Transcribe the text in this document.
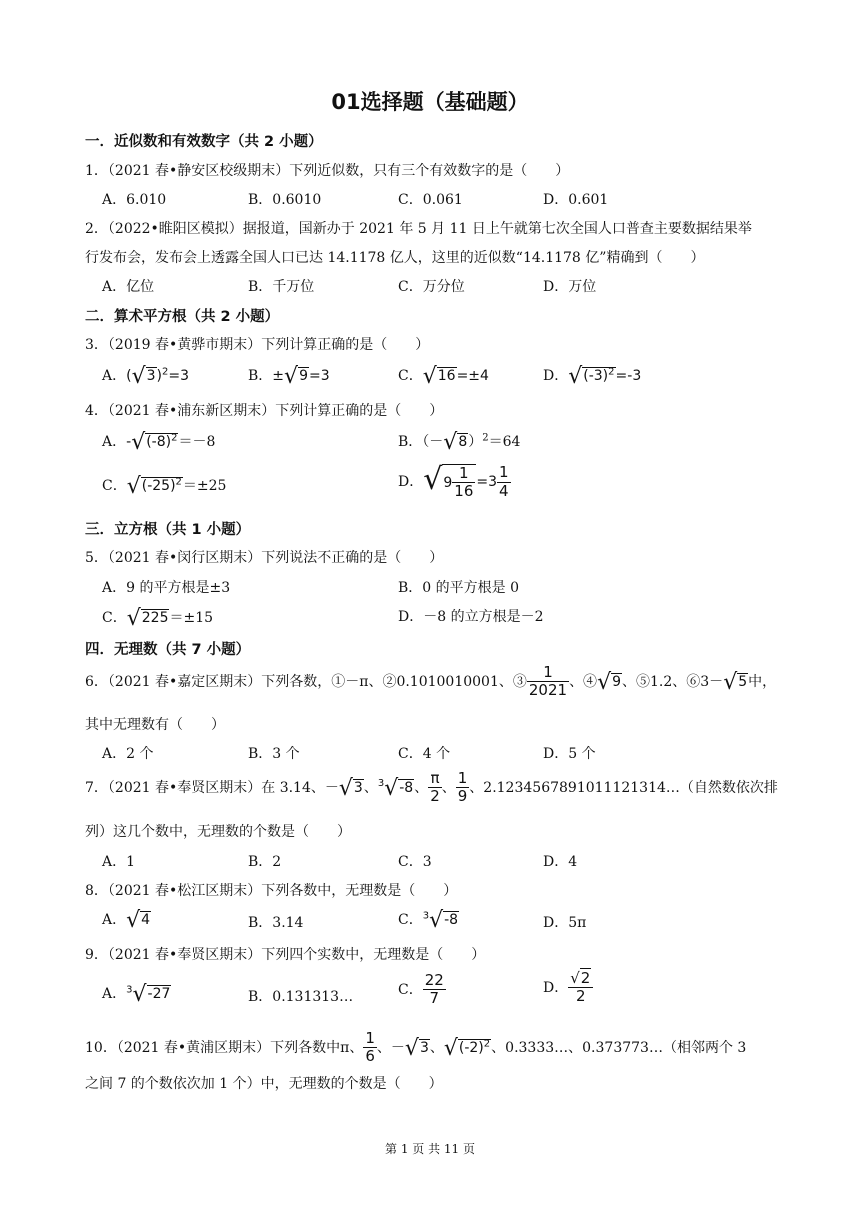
01选择题（基础题）
一．近似数和有效数字（共 2 小题）
1．（2021 春•静安区校级期末）下列近似数，只有三个有效数字的是（　　）
A．6.010	B．0.6010	C．0.061	D．0.601
2．（2022•睢阳区模拟）据报道，国新办于 2021 年 5 月 11 日上午就第七次全国人口普查主要数据结果举
行发布会，发布会上透露全国人口已达 14.1178 亿人，这里的近似数“14.1178 亿”精确到（　　）
A．亿位	B．千万位	C．万分位	D．万位
二．算术平方根（共 2 小题）
3．（2019 春•黄骅市期末）下列计算正确的是（　　）
A．$(√3)^2=3$	B．±√9=3	C．√16=±4	D．$√(-3)^2=-3$
4．（2021 春•浦东新区期末）下列计算正确的是（　　）
A．$-√(-8)^2=-8$	B．$(-√8)^2=64$
C．$√(-25)^2=\pm 25$	D．$√9 \frac{1}{16} =3 \frac{1}{4}$
三．立方根（共 1 小题）
5．（2021 春•闵行区期末）下列说法不正确的是（　　）
A．9 的平方根是±3	B．0 的平方根是 0
C．√225＝±15	D．－8 的立方根是－2
四．无理数（共 7 小题）
6．（2021 春•嘉定区期末）下列各数，①－π、②0.1010010001、③ $\frac{1}{2021}$ 、④√9、⑤1.2、⑥3－√5中，
其中无理数有（　　）
A．2 个	B．3 个	C．4 个	D．5 个
7．（2021 春•奉贤区期末）在 3.14、－√3、$^3$√-8、 $\frac{\pi}{2}$ 、 $\frac{1}{9}$ 、2.1234567891011121314…（自然数依次排
列）这几个数中，无理数的个数是（　　）
A．1	B．2	C．3	D．4
8．（2021 春•松江区期末）下列各数中，无理数是（　　）
A．√4	B．3.14	C．$^3$√-8	D．5π
9．（2021 春•奉贤区期末）下列四个实数中，无理数是（　　）
A．$^3$√-27	B．0.131313…	C． $\frac{22}{7}$	D． $\frac{√2}{2}$
10．（2021 春•黄浦区期末）下列各数中π、 $\frac{1}{6}$ 、－√3、$√(-2)^2$、0.3333…、0.373773…（相邻两个 3
之间 7 的个数依次加 1 个）中，无理数的个数是（　　）
第 1 页 共 11 页
